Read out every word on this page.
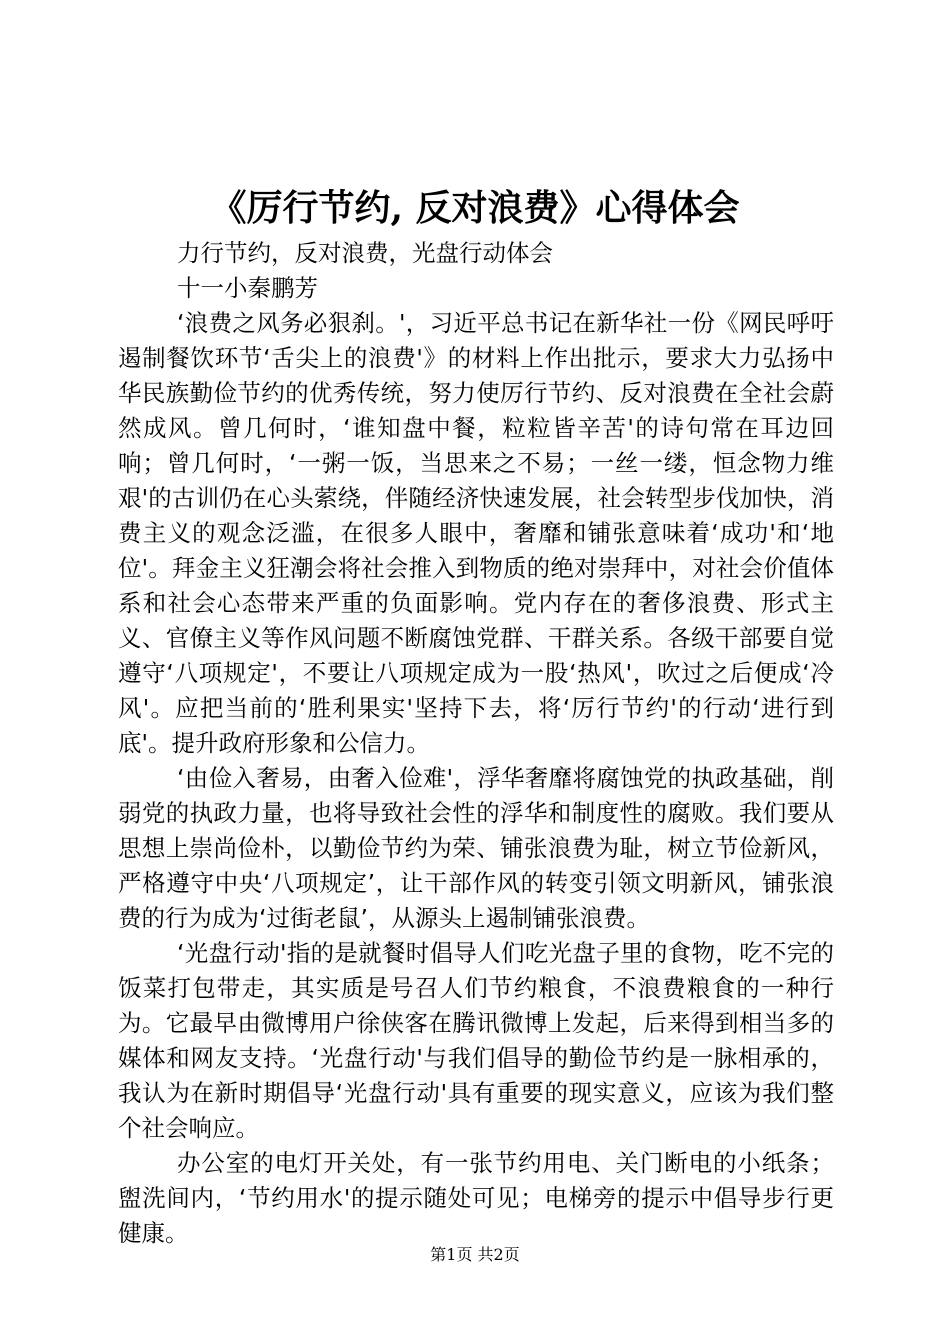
《厉行节约, 反对浪费》心得体会

力行节约，反对浪费，光盘行动体会

十一小秦鹏芳

‘浪费之风务必狠刹。'，习近平总书记在新华社一份《网民呼吁遏制餐饮环节‘舌尖上的浪费'》的材料上作出批示，要求大力弘扬中华民族勤俭节约的优秀传统，努力使厉行节约、反对浪费在全社会蔚然成风。曾几何时，‘谁知盘中餐，粒粒皆辛苦'的诗句常在耳边回响；曾几何时，‘一粥一饭，当思来之不易；一丝一缕，恒念物力维艰'的古训仍在心头萦绕，伴随经济快速发展，社会转型步伐加快，消费主义的观念泛滥，在很多人眼中，奢靡和铺张意味着‘成功'和‘地位'。拜金主义狂潮会将社会推入到物质的绝对崇拜中，对社会价值体系和社会心态带来严重的负面影响。党内存在的奢侈浪费、形式主义、官僚主义等作风问题不断腐蚀党群、干群关系。各级干部要自觉遵守‘八项规定'，不要让八项规定成为一股‘热风'，吹过之后便成‘冷风'。应把当前的‘胜利果实'坚持下去，将‘厉行节约'的行动‘进行到底'。提升政府形象和公信力。

‘由俭入奢易，由奢入俭难'，浮华奢靡将腐蚀党的执政基础，削弱党的执政力量，也将导致社会性的浮华和制度性的腐败。我们要从思想上崇尚俭朴，以勤俭节约为荣、铺张浪费为耻，树立节俭新风，严格遵守中央‘八项规定’，让干部作风的转变引领文明新风，铺张浪费的行为成为‘过街老鼠’，从源头上遏制铺张浪费。

‘光盘行动'指的是就餐时倡导人们吃光盘子里的食物，吃不完的饭菜打包带走，其实质是号召人们节约粮食，不浪费粮食的一种行为。它最早由微博用户徐侠客在腾讯微博上发起，后来得到相当多的媒体和网友支持。‘光盘行动'与我们倡导的勤俭节约是一脉相承的，我认为在新时期倡导‘光盘行动'具有重要的现实意义，应该为我们整个社会响应。

办公室的电灯开关处，有一张节约用电、关门断电的小纸条；盥洗间内，‘节约用水'的提示随处可见；电梯旁的提示中倡导步行更健康。

第1页 共2页
